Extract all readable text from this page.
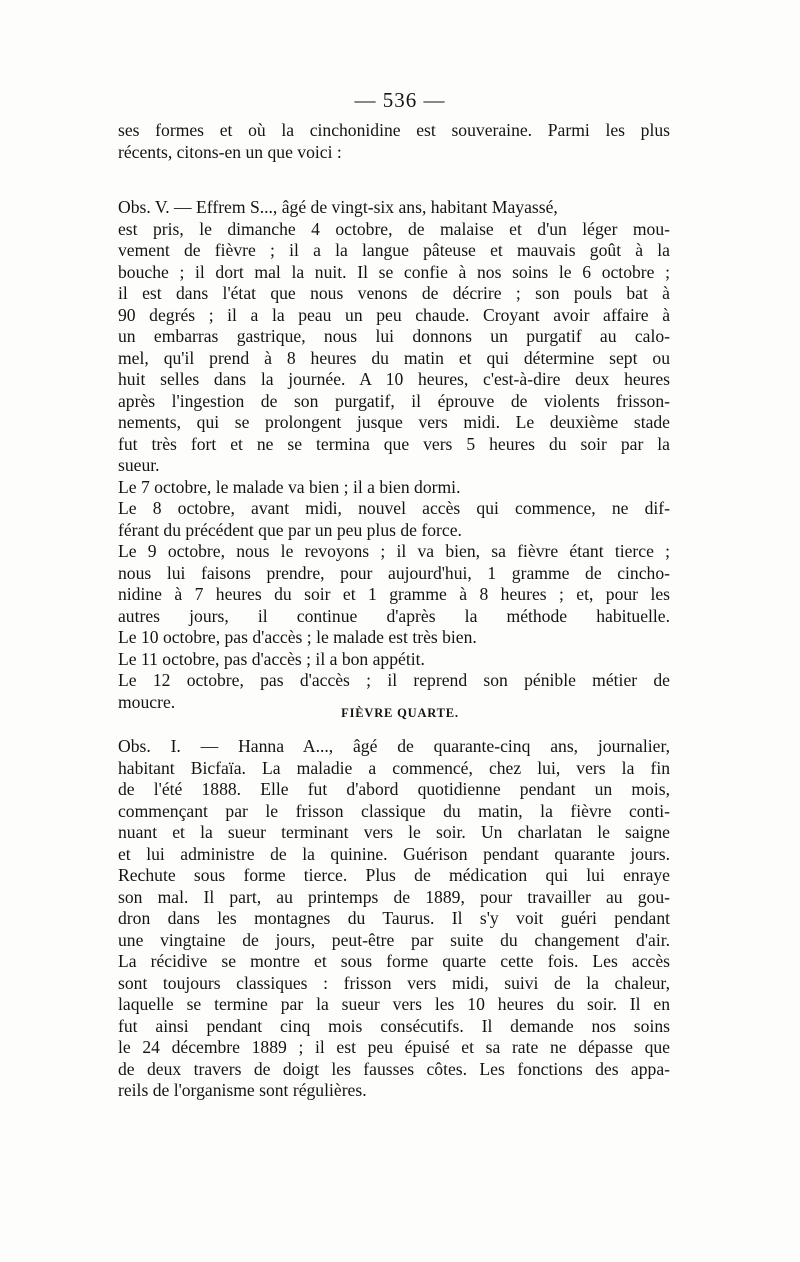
— 536 —
ses formes et où la cinchonidine est souveraine. Parmi les plus
récents, citons-en un que voici :
Obs. V. — Effrem S..., âgé de vingt-six ans, habitant Mayassé,
est pris, le dimanche 4 octobre, de malaise et d'un léger mou-
vement de fièvre ; il a la langue pâteuse et mauvais goût à la
bouche ; il dort mal la nuit. Il se confie à nos soins le 6 octobre ;
il est dans l'état que nous venons de décrire ; son pouls bat à
90 degrés ; il a la peau un peu chaude. Croyant avoir affaire à
un embarras gastrique, nous lui donnons un purgatif au calo-
mel, qu'il prend à 8 heures du matin et qui détermine sept ou
huit selles dans la journée. A 10 heures, c'est-à-dire deux heures
après l'ingestion de son purgatif, il éprouve de violents frisson-
nements, qui se prolongent jusque vers midi. Le deuxième stade
fut très fort et ne se termina que vers 5 heures du soir par la
sueur.
Le 7 octobre, le malade va bien ; il a bien dormi.
Le 8 octobre, avant midi, nouvel accès qui commence, ne dif-
férant du précédent que par un peu plus de force.
Le 9 octobre, nous le revoyons ; il va bien, sa fièvre étant tierce ;
nous lui faisons prendre, pour aujourd'hui, 1 gramme de cincho-
nidine à 7 heures du soir et 1 gramme à 8 heures ; et, pour les
autres jours, il continue d'après la méthode habituelle.
Le 10 octobre, pas d'accès ; le malade est très bien.
Le 11 octobre, pas d'accès ; il a bon appétit.
Le 12 octobre, pas d'accès ; il reprend son pénible métier de
moucre.
FIÈVRE QUARTE.
Obs. I. — Hanna A..., âgé de quarante-cinq ans, journalier,
habitant Bicfaïa. La maladie a commencé, chez lui, vers la fin
de l'été 1888. Elle fut d'abord quotidienne pendant un mois,
commençant par le frisson classique du matin, la fièvre conti-
nuant et la sueur terminant vers le soir. Un charlatan le saigne
et lui administre de la quinine. Guérison pendant quarante jours.
Rechute sous forme tierce. Plus de médication qui lui enraye
son mal. Il part, au printemps de 1889, pour travailler au gou-
dron dans les montagnes du Taurus. Il s'y voit guéri pendant
une vingtaine de jours, peut-être par suite du changement d'air.
La récidive se montre et sous forme quarte cette fois. Les accès
sont toujours classiques : frisson vers midi, suivi de la chaleur,
laquelle se termine par la sueur vers les 10 heures du soir. Il en
fut ainsi pendant cinq mois consécutifs. Il demande nos soins
le 24 décembre 1889 ; il est peu épuisé et sa rate ne dépasse que
de deux travers de doigt les fausses côtes. Les fonctions des appa-
reils de l'organisme sont régulières.
